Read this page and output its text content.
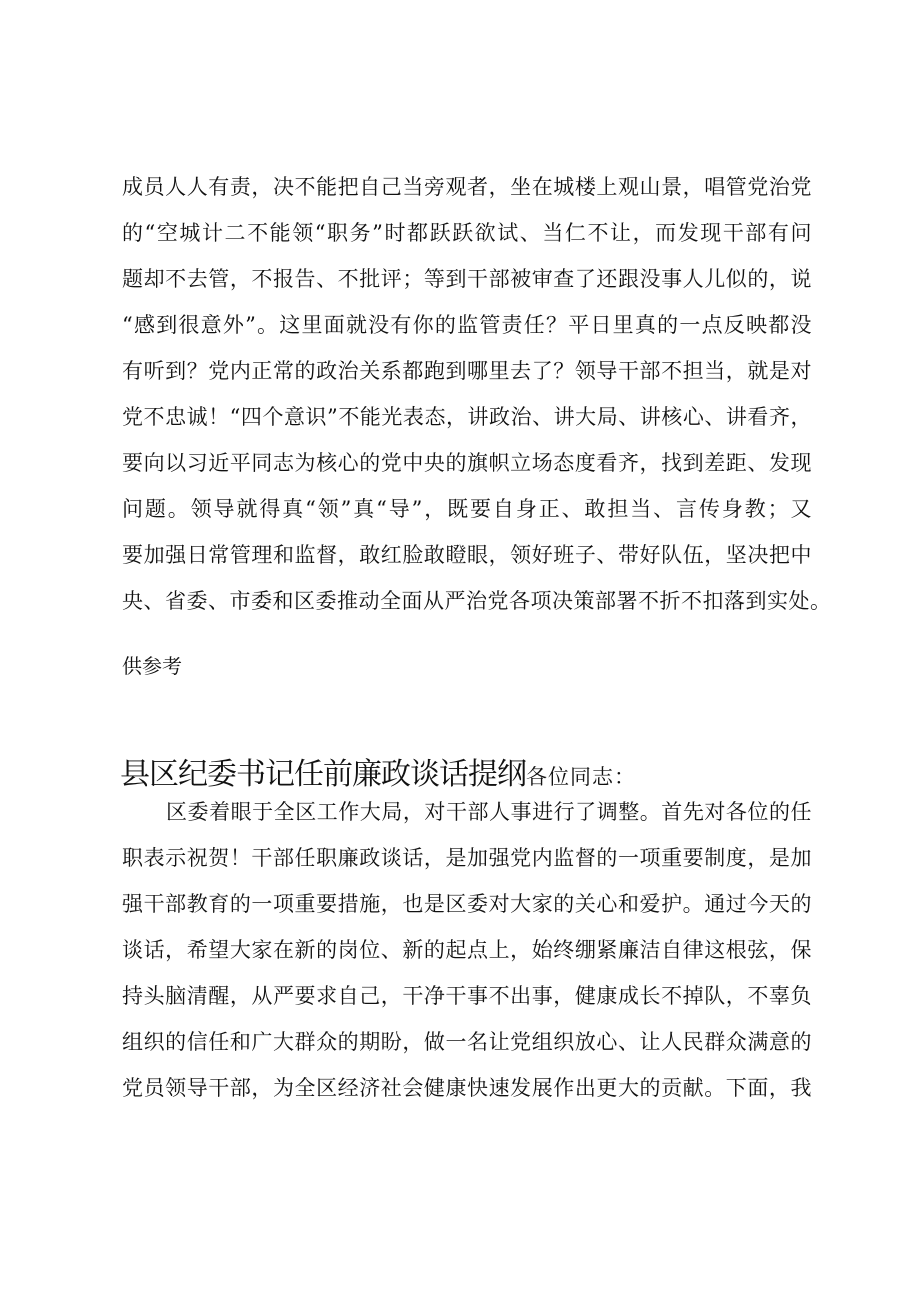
成员人人有责，决不能把自己当旁观者，坐在城楼上观山景，唱管党治党
的“空城计二不能领“职务”时都跃跃欲试、当仁不让，而发现干部有问
题却不去管，不报告、不批评；等到干部被审查了还跟没事人儿似的，说
“感到很意外”。这里面就没有你的监管责任？平日里真的一点反映都没
有听到？党内正常的政治关系都跑到哪里去了？领导干部不担当，就是对
党不忠诚！“四个意识”不能光表态，讲政治、讲大局、讲核心、讲看齐，
要向以习近平同志为核心的党中央的旗帜立场态度看齐，找到差距、发现
问题。领导就得真“领”真“导”，既要自身正、敢担当、言传身教；又
要加强日常管理和监督，敢红脸敢瞪眼，领好班子、带好队伍，坚决把中
央、省委、市委和区委推动全面从严治党各项决策部署不折不扣落到实处。
供参考
县区纪委书记任前廉政谈话提纲各位同志：
区委着眼于全区工作大局，对干部人事进行了调整。首先对各位的任
职表示祝贺！干部任职廉政谈话，是加强党内监督的一项重要制度，是加
强干部教育的一项重要措施，也是区委对大家的关心和爱护。通过今天的
谈话，希望大家在新的岗位、新的起点上，始终绷紧廉洁自律这根弦，保
持头脑清醒，从严要求自己，干净干事不出事，健康成长不掉队，不辜负
组织的信任和广大群众的期盼，做一名让党组织放心、让人民群众满意的
党员领导干部，为全区经济社会健康快速发展作出更大的贡献。下面，我
